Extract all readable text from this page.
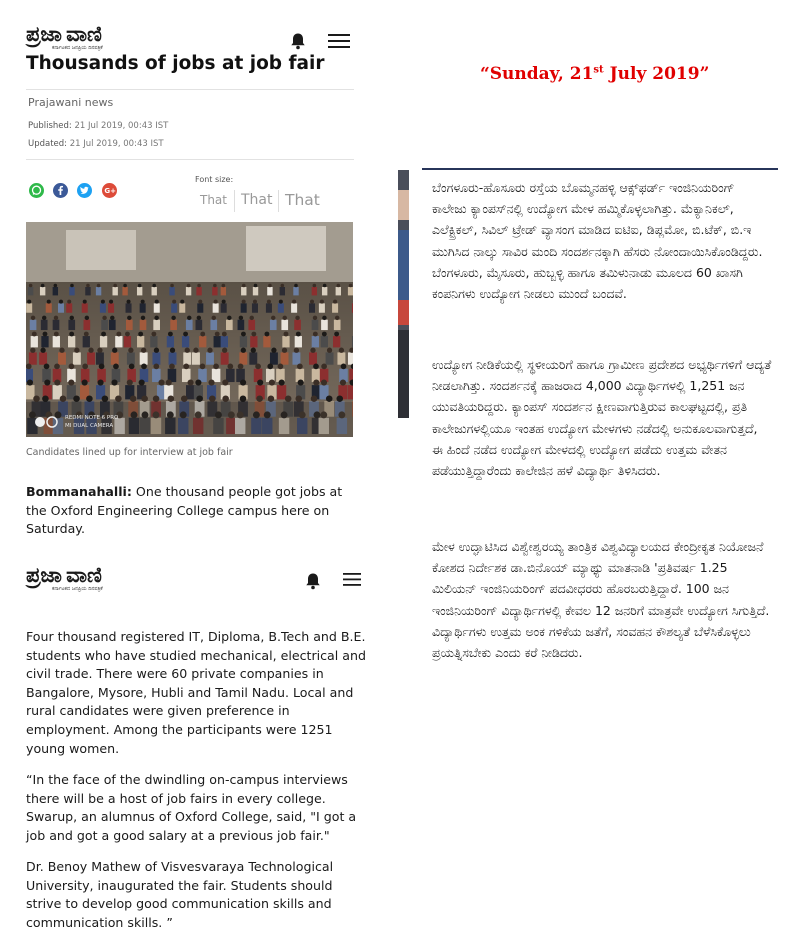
ಪ್ರಜಾ ವಾಣಿ
ಕರ್ನಾಟಕದ ಜನಪ್ರಿಯ ದಿನಪತ್ರಿಕೆ
Thousands of jobs at job fair	“Sunday, 21st July 2019”
Prajawani news
Published: 21 Jul 2019, 00:43 IST
Updated: 21 Jul 2019, 00:43 IST
G+
Font size:
That That That
REDMI NOTE 6 PRO
MI DUAL CAMERA
Candidates lined up for interview at job fair
Bommanahalli: One thousand people got jobs at the Oxford Engineering College campus here on Saturday.
ಪ್ರಜಾ ವಾಣಿ
ಕರ್ನಾಟಕದ ಜನಪ್ರಿಯ ದಿನಪತ್ರಿಕೆ
Four thousand registered IT, Diploma, B.Tech and B.E. students who have studied mechanical, electrical and civil trade. There were 60 private companies in Bangalore, Mysore, Hubli and Tamil Nadu. Local and rural candidates were given preference in employment. Among the participants were 1251 young women.
“In the face of the dwindling on-campus interviews there will be a host of job fairs in every college. Swarup, an alumnus of Oxford College, said, "I got a job and got a good salary at a previous job fair."
Dr. Benoy Mathew of Visvesvaraya Technological University, inaugurated the fair. Students should strive to develop good communication skills and communication skills. ”
ಬೆಂಗಳೂರು-ಹೊಸೂರು ರಸ್ತೆಯ ಬೊಮ್ಮನಹಳ್ಳಿ ಆಕ್ಸ್‌ಫರ್ಡ್ ಇಂಜಿನಿಯರಿಂಗ್ ಕಾಲೇಜು ಕ್ಯಾಂಪಸ್‌ನಲ್ಲಿ ಉದ್ಯೋಗ ಮೇಳ ಹಮ್ಮಿಕೊಳ್ಳಲಾಗಿತ್ತು. ಮೆಕ್ಯಾನಿಕಲ್, ಎಲೆಕ್ಟ್ರಿಕಲ್, ಸಿವಿಲ್ ಟ್ರೇಡ್ ವ್ಯಾಸಂಗ ಮಾಡಿದ ಐಟಿಐ, ಡಿಪ್ಲಮೋ, ಬಿ.ಟೆಕ್, ಬಿ.ಇ ಮುಗಿಸಿದ ನಾಲ್ಕು ಸಾವಿರ ಮಂದಿ ಸಂದರ್ಶನಕ್ಕಾಗಿ ಹೆಸರು ನೋಂದಾಯಿಸಿಕೊಂಡಿದ್ದರು. ಬೆಂಗಳೂರು, ಮೈಸೂರು, ಹುಬ್ಬಳ್ಳಿ ಹಾಗೂ ತಮಿಳುನಾಡು ಮೂಲದ 60 ಖಾಸಗಿ ಕಂಪನಿಗಳು ಉದ್ಯೋಗ ನೀಡಲು ಮುಂದೆ ಬಂದವೆ.
ಉದ್ಯೋಗ ನೀಡಿಕೆಯಲ್ಲಿ ಸ್ಥಳೀಯರಿಗೆ ಹಾಗೂ ಗ್ರಾಮೀಣ ಪ್ರದೇಶದ ಅಭ್ಯರ್ಥಿಗಳಿಗೆ ಆದ್ಯತೆ ನೀಡಲಾಗಿತ್ತು. ಸಂದರ್ಶನಕ್ಕೆ ಹಾಜರಾದ 4,000 ವಿದ್ಯಾರ್ಥಿಗಳಲ್ಲಿ 1,251 ಜನ ಯುವತಿಯರಿದ್ದರು. ಕ್ಯಾಂಪಸ್ ಸಂದರ್ಶನ ಕ್ಷೀಣವಾಗುತ್ತಿರುವ ಕಾಲಘಟ್ಟದಲ್ಲಿ, ಪ್ರತಿ ಕಾಲೇಜುಗಳಲ್ಲಿಯೂ ಇಂತಹ ಉದ್ಯೋಗ ಮೇಳಗಳು ನಡೆದಲ್ಲಿ ಅನುಕೂಲವಾಗುತ್ತದೆ, ಈ ಹಿಂದೆ ನಡೆದ ಉದ್ಯೋಗ ಮೇಳದಲ್ಲಿ ಉದ್ಯೋಗ ಪಡೆದು ಉತ್ತಮ ವೇತನ ಪಡೆಯುತ್ತಿದ್ದಾರೆಂದು ಕಾಲೇಜಿನ ಹಳೆ ವಿದ್ಯಾರ್ಥಿ ತಿಳಿಸಿದರು.
ಮೇಳ ಉದ್ಘಾಟಿಸಿದ ವಿಶ್ವೇಶ್ವರಯ್ಯ ತಾಂತ್ರಿಕ ವಿಶ್ವವಿದ್ಯಾಲಯದ ಕೇಂದ್ರೀಕೃತ ನಿಯೋಜನೆ ಕೋಶದ ನಿರ್ದೇಶಕ ಡಾ.ಬಿನೊಯ್ ಮ್ಯಾಥ್ಯು ಮಾತನಾಡಿ 'ಪ್ರತಿವರ್ಷ 1.25 ಮಿಲಿಯನ್ ಇಂಜಿನಿಯರಿಂಗ್ ಪದವೀಧರರು ಹೊರಬರುತ್ತಿದ್ದಾರೆ. 100 ಜನ ಇಂಜಿನಿಯರಿಂಗ್ ವಿದ್ಯಾರ್ಥಿಗಳಲ್ಲಿ ಕೇವಲ 12 ಜನರಿಗೆ ಮಾತ್ರವೇ ಉದ್ಯೋಗ ಸಿಗುತ್ತಿದೆ. ವಿದ್ಯಾರ್ಥಿಗಳು ಉತ್ತಮ ಅಂಕ ಗಳಿಕೆಯ ಜತೆಗೆ, ಸಂವಹನ ಕೌಶಲ್ಯತೆ ಬೆಳೆಸಿಕೊಳ್ಳಲು ಪ್ರಯತ್ನಿಸಬೇಕು ಎಂದು ಕರೆ ನೀಡಿದರು.
